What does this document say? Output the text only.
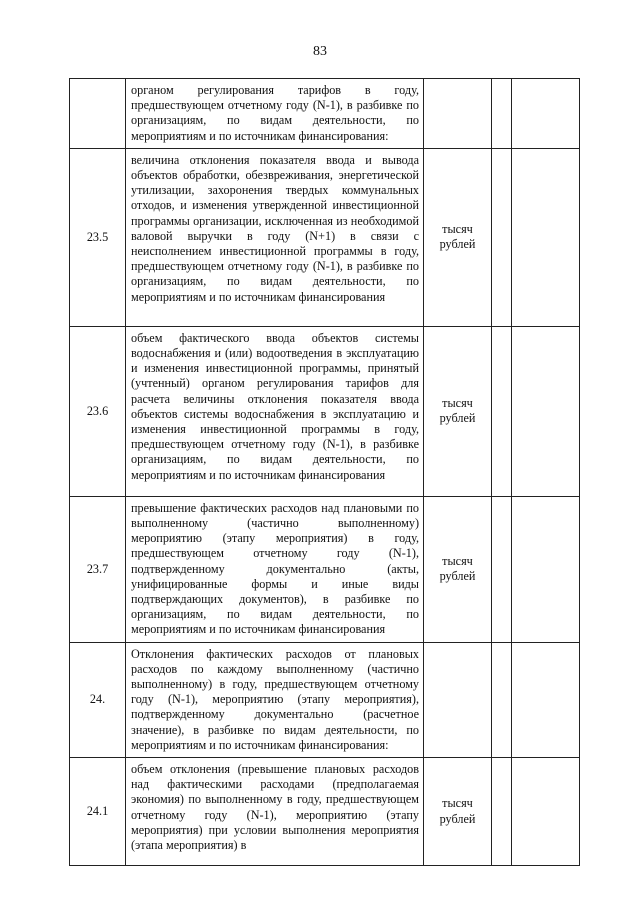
83

	органом регулирования тарифов в году, предшествующем отчетному году (N-1), в разбивке по организациям, по видам деятельности, по мероприятиям и по источникам финансирования:			

23.5	величина отклонения показателя ввода и вывода объектов обработки, обезвреживания, энергетической утилизации, захоронения твердых коммунальных отходов, и изменения утвержденной инвестиционной программы организации, исключенная из необходимой валовой выручки в году (N+1) в связи с неисполнением инвестиционной программы в году, предшествующем отчетному году (N-1), в разбивке по организациям, по видам деятельности, по мероприятиям и по источникам финансирования	тысяч рублей		
23.6	объем фактического ввода объектов системы водоснабжения и (или) водоотведения в эксплуатацию и изменения инвестиционной программы, принятый (учтенный) органом регулирования тарифов для расчета величины отклонения показателя ввода объектов системы водоснабжения в эксплуатацию и изменения инвестиционной программы в году, предшествующем отчетному году (N-1), в разбивке организациям, по видам деятельности, по мероприятиям и по источникам финансирования	тысяч рублей		
23.7	превышение фактических расходов над плановыми по выполненному (частично выполненному) мероприятию (этапу мероприятия) в году, предшествующем отчетному году (N-1), подтвержденному документально (акты, унифицированные формы и иные виды подтверждающих документов), в разбивке по организациям, по видам деятельности, по мероприятиям и по источникам финансирования	тысяч рублей		
24.	Отклонения фактических расходов от плановых расходов по каждому выполненному (частично выполненному) в году, предшествующем отчетному году (N-1), мероприятию (этапу мероприятия), подтвержденному документально (расчетное значение), в разбивке по видам деятельности, по мероприятиям и по источникам финансирования:			

24.1	объем отклонения (превышение плановых расходов над фактическими расходами (предполагаемая экономия) по выполненному в году, предшествующем отчетному году (N-1), мероприятию (этапу мероприятия) при условии выполнения мероприятия (этапа мероприятия) в	тысяч рублей		
